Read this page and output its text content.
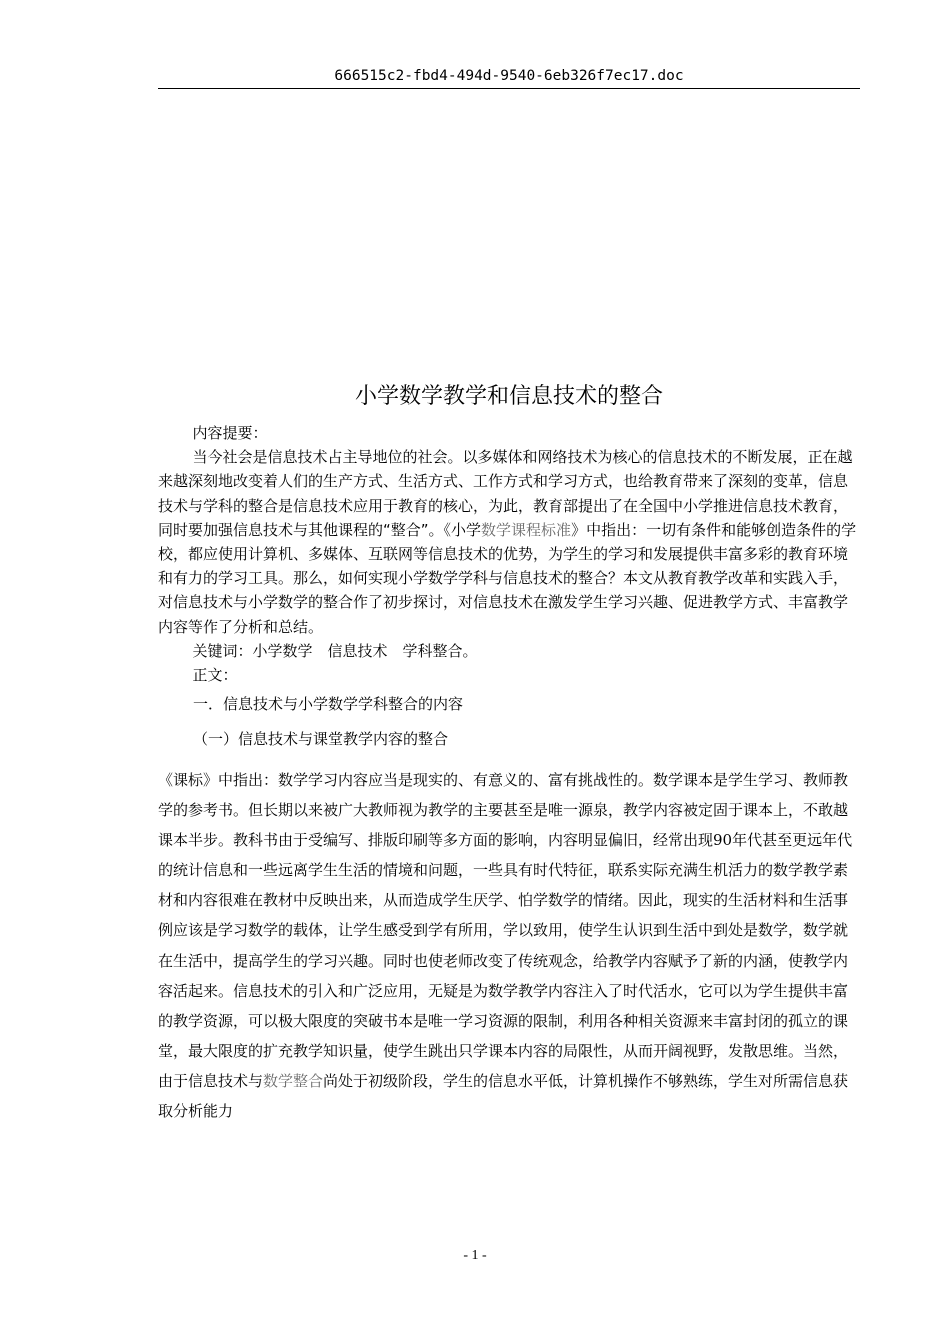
666515c2-fbd4-494d-9540-6eb326f7ec17.doc
小学数学教学和信息技术的整合

内容提要：

当今社会是信息技术占主导地位的社会。以多媒体和网络技术为核心的信息技术的不断发展，正在越来越深刻地改变着人们的生产方式、生活方式、工作方式和学习方式，也给教育带来了深刻的变革，信息技术与学科的整合是信息技术应用于教育的核心，为此，教育部提出了在全国中小学推进信息技术教育，同时要加强信息技术与其他课程的“整合”。《小学数学课程标准》中指出：一切有条件和能够创造条件的学校，都应使用计算机、多媒体、互联网等信息技术的优势，为学生的学习和发展提供丰富多彩的教育环境和有力的学习工具。那么，如何实现小学数学学科与信息技术的整合？本文从教育教学改革和实践入手，对信息技术与小学数学的整合作了初步探讨，对信息技术在激发学生学习兴趣、促进教学方式、丰富教学内容等作了分析和总结。

关键词：小学数学　信息技术　学科整合。

正文：

一．信息技术与小学数学学科整合的内容
（一）信息技术与课堂教学内容的整合

《课标》中指出：数学学习内容应当是现实的、有意义的、富有挑战性的。数学课本是学生学习、教师教学的参考书。但长期以来被广大教师视为教学的主要甚至是唯一源泉，教学内容被定固于课本上，不敢越课本半步。教科书由于受编写、排版印刷等多方面的影响，内容明显偏旧，经常出现90年代甚至更远年代的统计信息和一些远离学生生活的情境和问题，一些具有时代特征，联系实际充满生机活力的数学教学素材和内容很难在教材中反映出来，从而造成学生厌学、怕学数学的情绪。因此，现实的生活材料和生活事例应该是学习数学的载体，让学生感受到学有所用，学以致用，使学生认识到生活中到处是数学，数学就在生活中，提高学生的学习兴趣。同时也使老师改变了传统观念，给教学内容赋予了新的内涵，使教学内容活起来。信息技术的引入和广泛应用，无疑是为数学教学内容注入了时代活水，它可以为学生提供丰富的教学资源，可以极大限度的突破书本是唯一学习资源的限制，利用各种相关资源来丰富封闭的孤立的课堂，最大限度的扩充教学知识量，使学生跳出只学课本内容的局限性，从而开阔视野，发散思维。当然，由于信息技术与数学整合尚处于初级阶段，学生的信息水平低，计算机操作不够熟练，学生对所需信息获取分析能力

- 1 -
